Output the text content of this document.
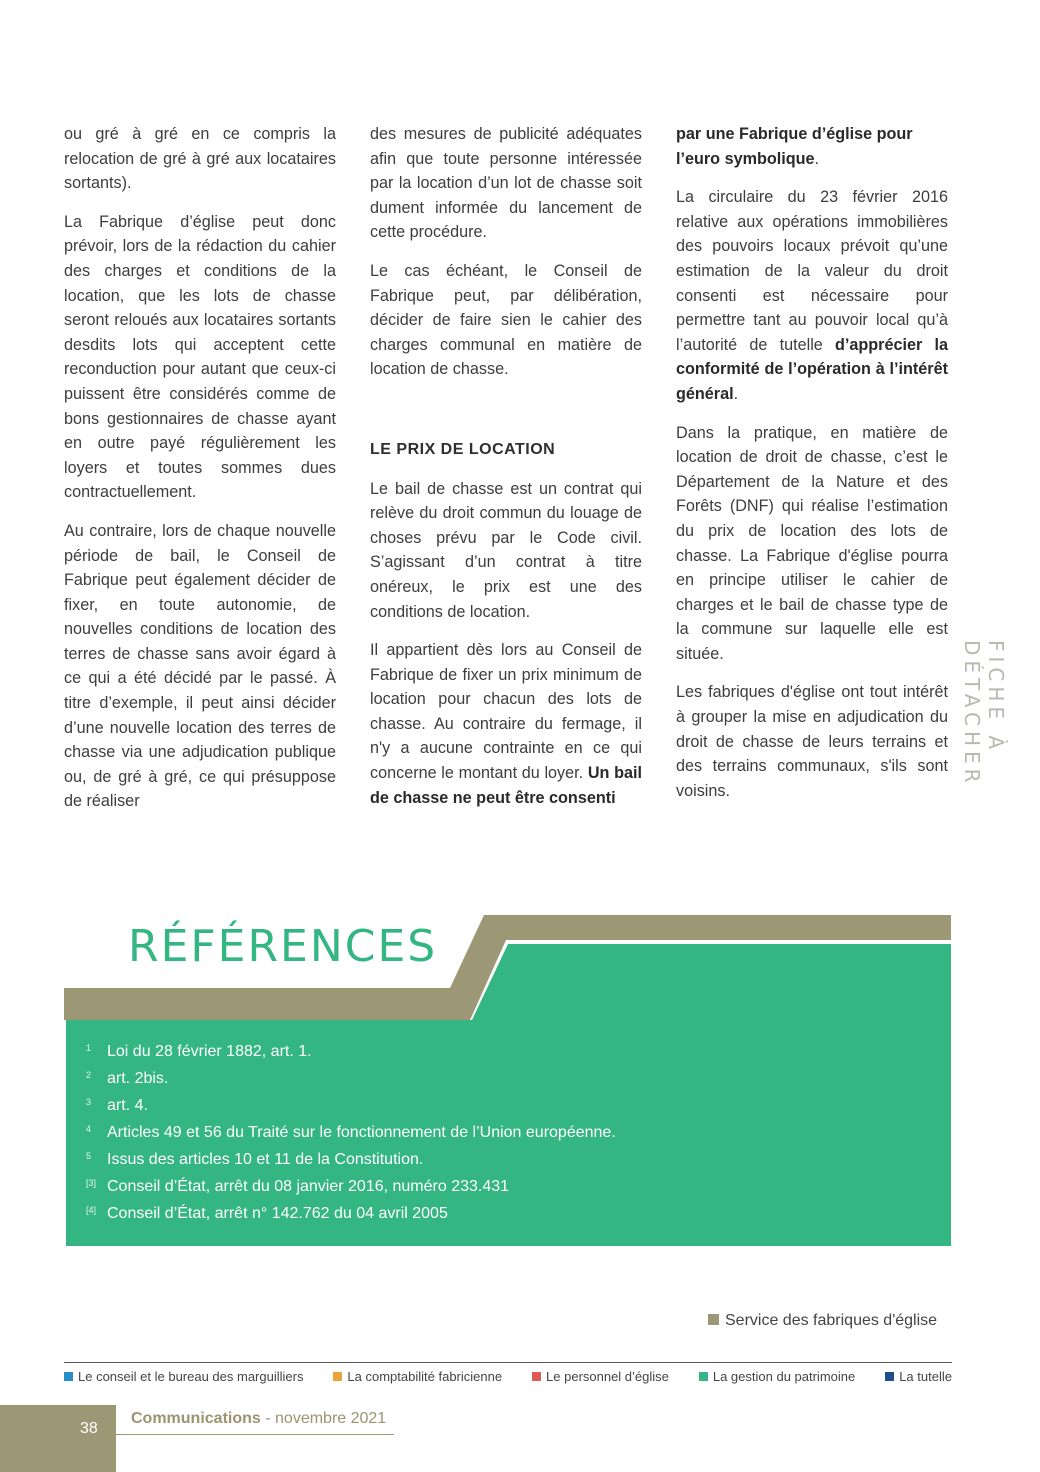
ou gré à gré en ce compris la relocation de gré à gré aux locataires sortants).

La Fabrique d’église peut donc prévoir, lors de la rédaction du cahier des charges et conditions de la location, que les lots de chasse seront reloués aux locataires sortants desdits lots qui acceptent cette reconduction pour autant que ceux-ci puissent être considérés comme de bons gestionnaires de chasse ayant en outre payé régulièrement les loyers et toutes sommes dues contractuellement.

Au contraire, lors de chaque nouvelle période de bail, le Conseil de Fabrique peut également décider de fixer, en toute autonomie, de nouvelles conditions de location des terres de chasse sans avoir égard à ce qui a été décidé par le passé. À titre d’exemple, il peut ainsi décider d’une nouvelle location des terres de chasse via une adjudication publique ou, de gré à gré, ce qui présuppose de réaliser

des mesures de publicité adéquates afin que toute personne intéressée par la location d’un lot de chasse soit dument informée du lancement de cette procédure.

Le cas échéant, le Conseil de Fabrique peut, par délibération, décider de faire sien le cahier des charges communal en matière de location de chasse.

LE PRIX DE LOCATION

Le bail de chasse est un contrat qui relève du droit commun du louage de choses prévu par le Code civil. S’agissant d’un contrat à titre onéreux, le prix est une des conditions de location.

Il appartient dès lors au Conseil de Fabrique de fixer un prix minimum de location pour chacun des lots de chasse. Au contraire du fermage, il n'y a aucune contrainte en ce qui concerne le montant du loyer. Un bail de chasse ne peut être consenti

par une Fabrique d’église pour l’euro symbolique.

La circulaire du 23 février 2016 relative aux opérations immobilières des pouvoirs locaux prévoit qu’une estimation de la valeur du droit consenti est nécessaire pour permettre tant au pouvoir local qu’à l’autorité de tutelle d’apprécier la conformité de l’opération à l’intérêt général.

Dans la pratique, en matière de location de droit de chasse, c’est le Département de la Nature et des Forêts (DNF) qui réalise l’estimation du prix de location des lots de chasse. La Fabrique d'église pourra en principe utiliser le cahier de charges et le bail de chasse type de la commune sur laquelle elle est située.

Les fabriques d'église ont tout intérêt à grouper la mise en adjudication du droit de chasse de leurs terrains et des terrains communaux, s'ils sont voisins.

FICHE À DÉTACHER
RÉFÉRENCES
1 Loi du 28 février 1882, art. 1.
2 art. 2bis.
3 art. 4.
4 Articles 49 et 56 du Traité sur le fonctionnement de l’Union européenne.
5 Issus des articles 10 et 11 de la Constitution.
[3] Conseil d’État, arrêt du 08 janvier 2016, numéro 233.431
[4] Conseil d’État, arrêt n° 142.762 du 04 avril 2005
Service des fabriques d'église
Le conseil et le bureau des marguilliers	La comptabilité fabricienne	Le personnel d’église	La gestion du patrimoine	La tutelle
38
Communications - novembre 2021
